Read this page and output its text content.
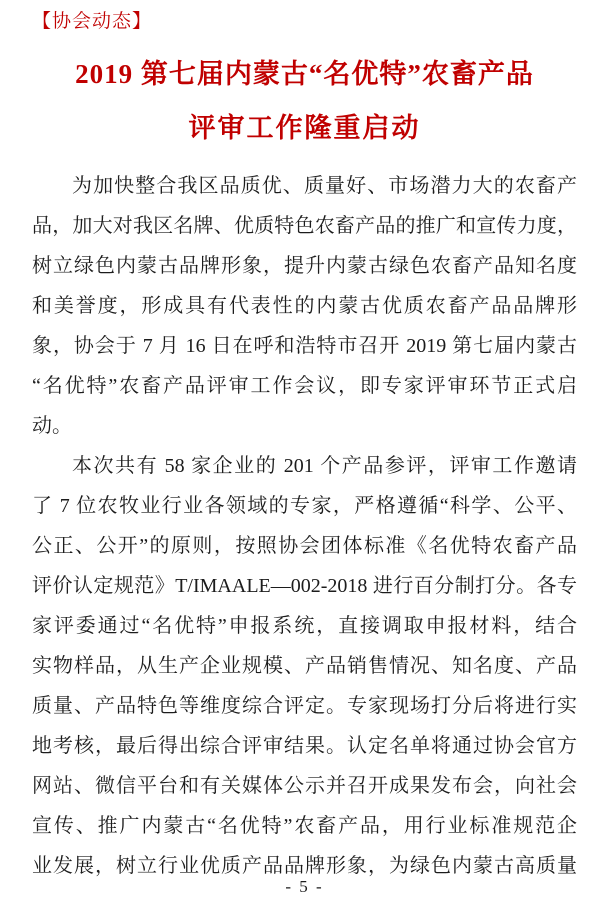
【协会动态】
2019 第七届内蒙古“名优特”农畜产品
评审工作隆重启动
为加快整合我区品质优、质量好、市场潜力大的农畜产
品，加大对我区名牌、优质特色农畜产品的推广和宣传力度，
树立绿色内蒙古品牌形象，提升内蒙古绿色农畜产品知名度
和美誉度，形成具有代表性的内蒙古优质农畜产品品牌形
象，协会于 7 月 16 日在呼和浩特市召开 2019 第七届内蒙古
“名优特”农畜产品评审工作会议，即专家评审环节正式启
动。
本次共有 58 家企业的 201 个产品参评，评审工作邀请
了 7 位农牧业行业各领域的专家，严格遵循“科学、公平、
公正、公开”的原则，按照协会团体标准《名优特农畜产品
评价认定规范》T/IMAALE—002-2018 进行百分制打分。各专
家评委通过“名优特”申报系统，直接调取申报材料，结合
实物样品，从生产企业规模、产品销售情况、知名度、产品
质量、产品特色等维度综合评定。专家现场打分后将进行实
地考核，最后得出综合评审结果。认定名单将通过协会官方
网站、微信平台和有关媒体公示并召开成果发布会，向社会
宣传、推广内蒙古“名优特”农畜产品，用行业标准规范企
业发展，树立行业优质产品品牌形象，为绿色内蒙古高质量
- 5 -
